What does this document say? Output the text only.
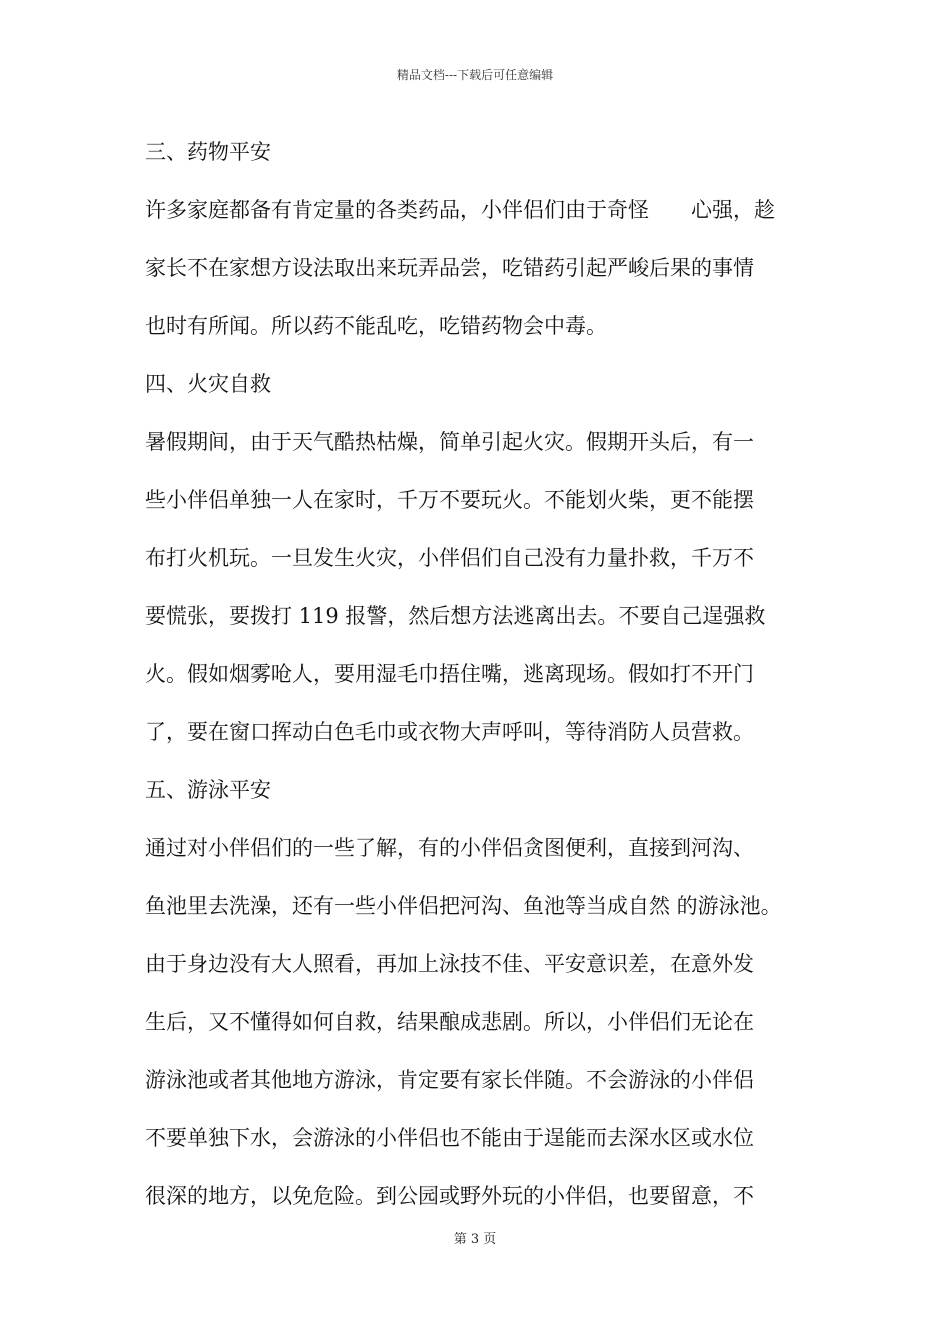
精品文档---下载后可任意编辑
三、药物平安
许多家庭都备有肯定量的各类药品，小伴侣们由于奇怪　　心强，趁
家长不在家想方设法取出来玩弄品尝，吃错药引起严峻后果的事情
也时有所闻。所以药不能乱吃，吃错药物会中毒。
四、火灾自救
暑假期间，由于天气酷热枯燥，简单引起火灾。假期开头后，有一
些小伴侣单独一人在家时，千万不要玩火。不能划火柴，更不能摆
布打火机玩。一旦发生火灾，小伴侣们自己没有力量扑救，千万不
要慌张，要拨打 119 报警，然后想方法逃离出去。不要自己逞强救
火。假如烟雾呛人，要用湿毛巾捂住嘴，逃离现场。假如打不开门
了，要在窗口挥动白色毛巾或衣物大声呼叫，等待消防人员营救。
五、游泳平安
通过对小伴侣们的一些了解，有的小伴侣贪图便利，直接到河沟、
鱼池里去洗澡，还有一些小伴侣把河沟、鱼池等当成自然 的游泳池。
由于身边没有大人照看，再加上泳技不佳、平安意识差，在意外发
生后，又不懂得如何自救，结果酿成悲剧。所以，小伴侣们无论在
游泳池或者其他地方游泳，肯定要有家长伴随。不会游泳的小伴侣
不要单独下水，会游泳的小伴侣也不能由于逞能而去深水区或水位
很深的地方，以免危险。到公园或野外玩的小伴侣，也要留意，不
第 3 页
